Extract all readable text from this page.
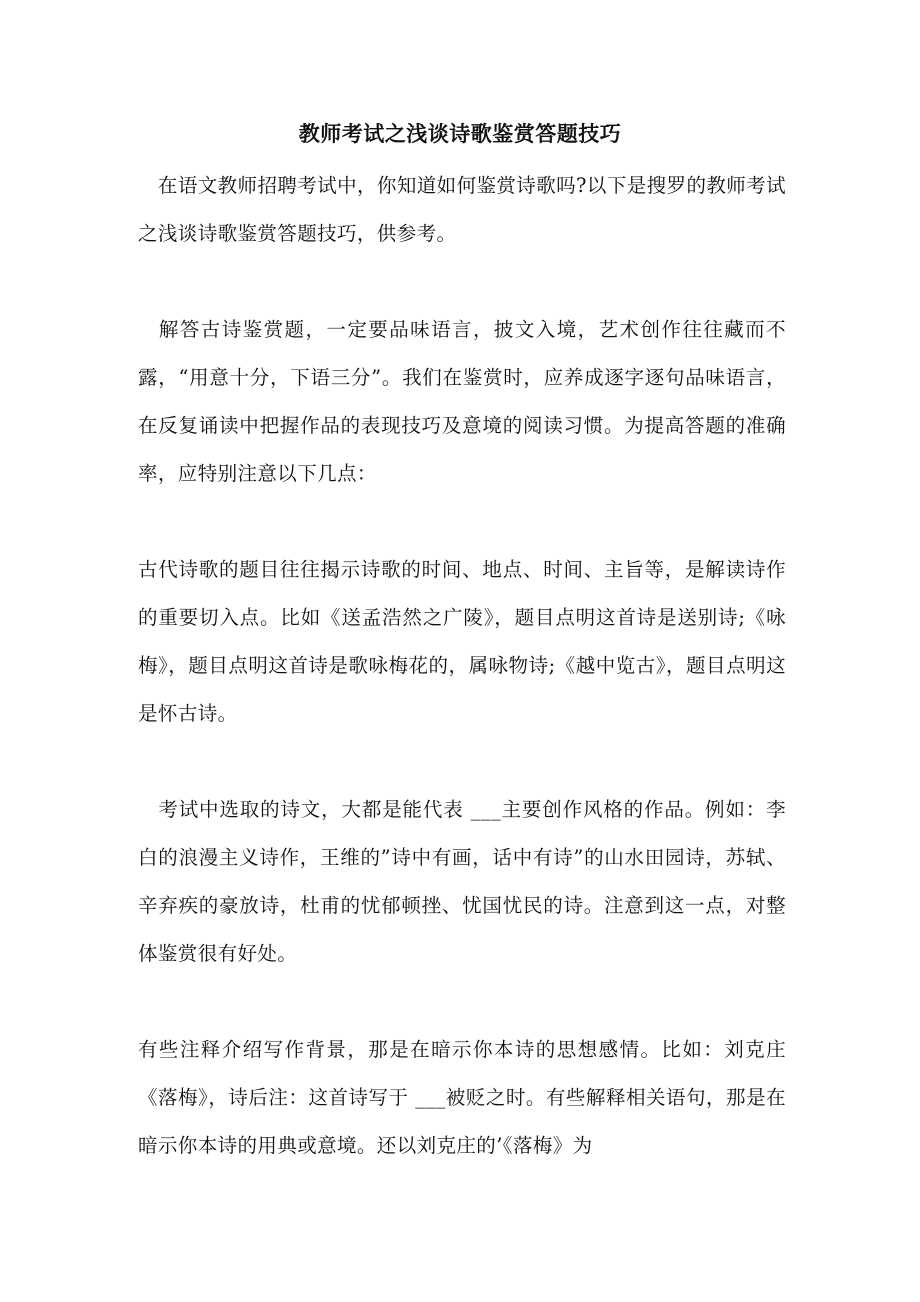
教师考试之浅谈诗歌鉴赏答题技巧

　在语文教师招聘考试中，你知道如何鉴赏诗歌吗?以下是搜罗的教师考试之浅谈诗歌鉴赏答题技巧，供参考。

　解答古诗鉴赏题，一定要品味语言，披文入境，艺术创作往往藏而不露，“用意十分，下语三分”。我们在鉴赏时，应养成逐字逐句品味语言，在反复诵读中把握作品的表现技巧及意境的阅读习惯。为提高答题的准确率，应特别注意以下几点：

古代诗歌的题目往往揭示诗歌的时间、地点、时间、主旨等，是解读诗作的重要切入点。比如《送孟浩然之广陵》，题目点明这首诗是送别诗;《咏梅》，题目点明这首诗是歌咏梅花的，属咏物诗;《越中览古》，题目点明这是怀古诗。

　考试中选取的诗文，大都是能代表 ___主要创作风格的作品。例如：李白的浪漫主义诗作，王维的”诗中有画，话中有诗”的山水田园诗，苏轼、辛弃疾的豪放诗，杜甫的忧郁顿挫、忧国忧民的诗。注意到这一点，对整体鉴赏很有好处。

有些注释介绍写作背景，那是在暗示你本诗的思想感情。比如：刘克庄《落梅》，诗后注：这首诗写于 ___被贬之时。有些解释相关语句，那是在暗示你本诗的用典或意境。还以刘克庄的’《落梅》为
